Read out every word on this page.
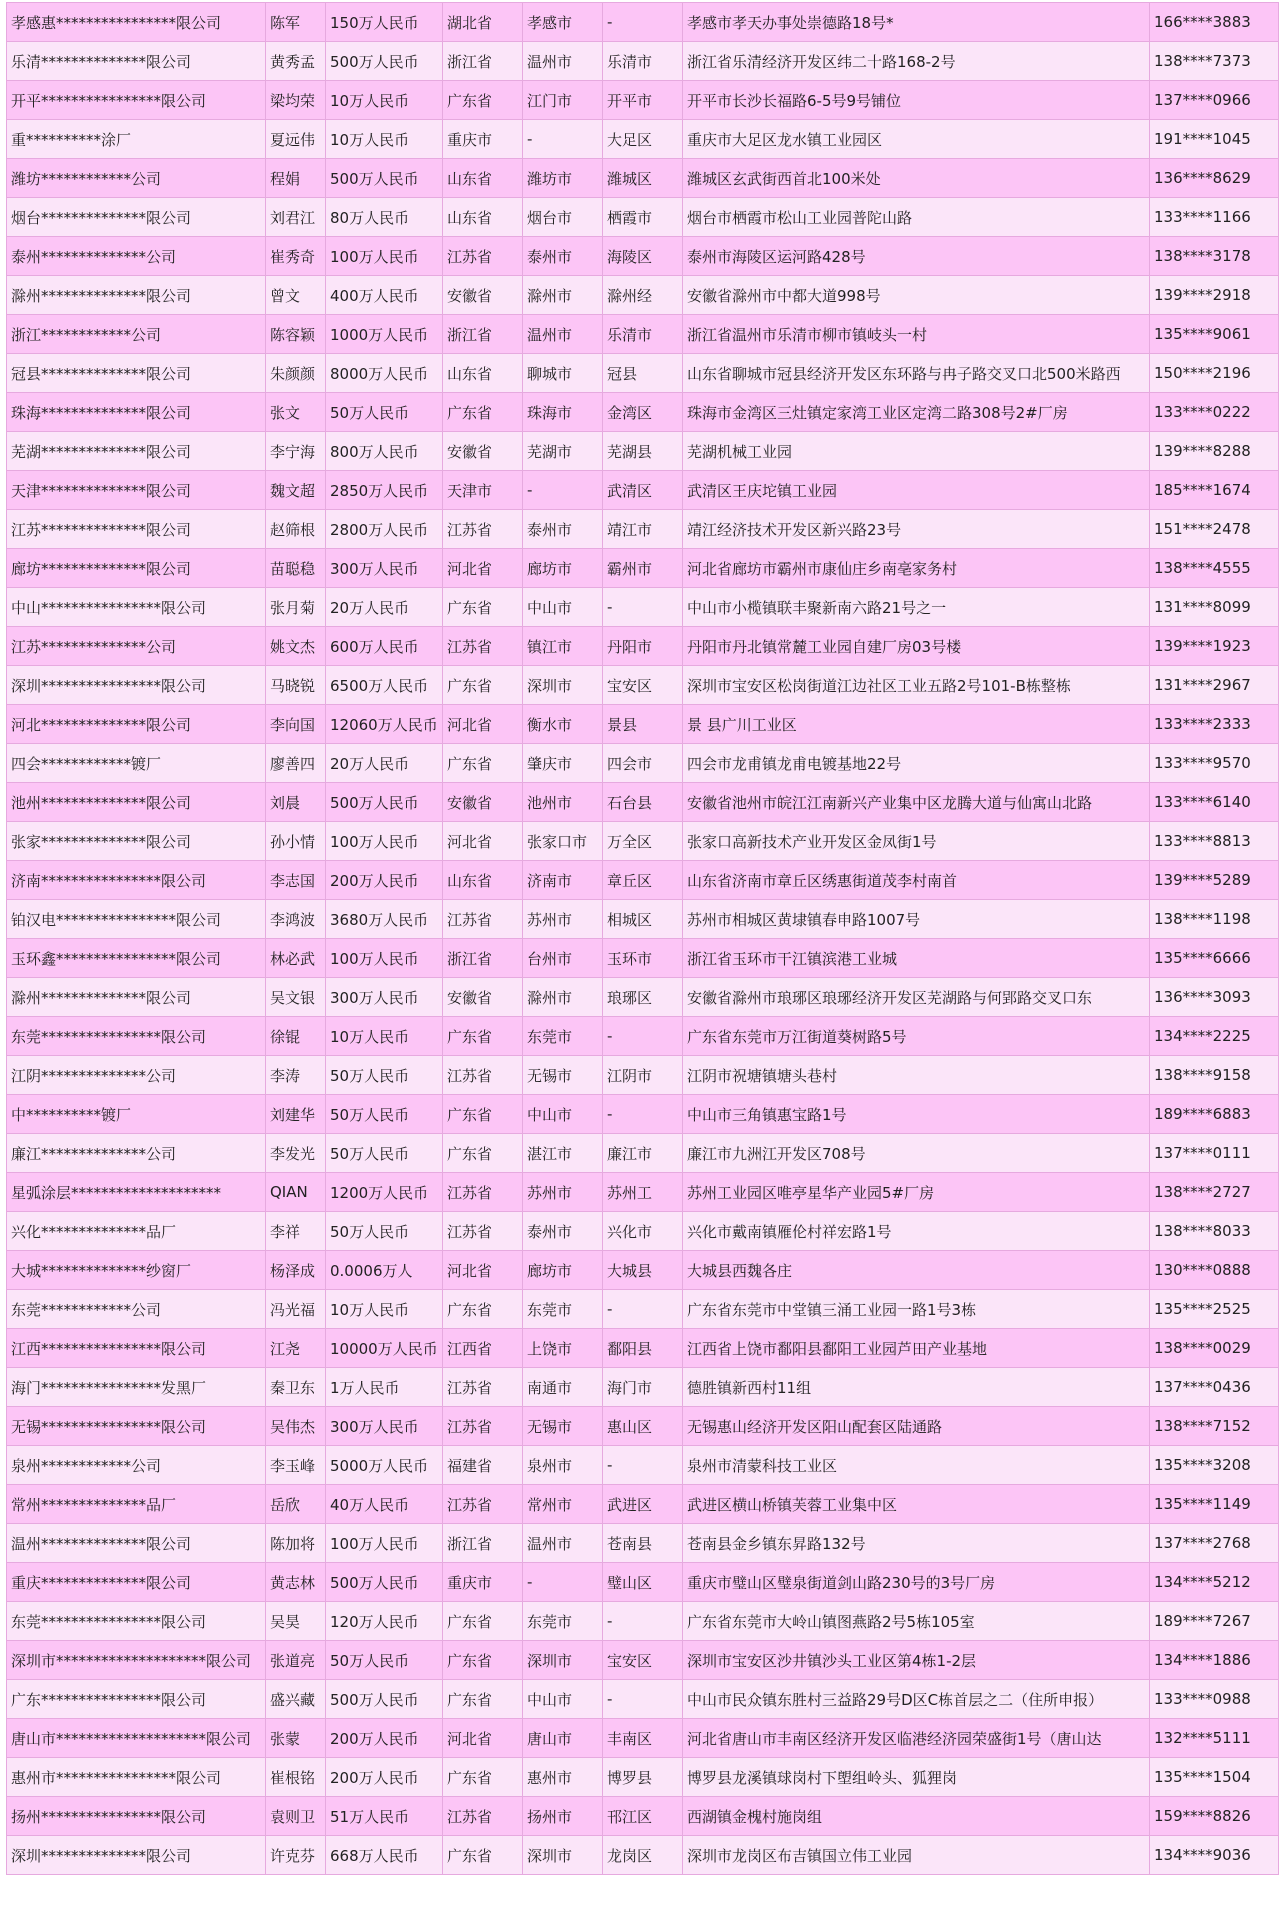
孝感惠****************限公司	陈军	150万人民币	湖北省	孝感市	-	孝感市孝天办事处崇德路18号*	166****3883
乐清**************限公司	黄秀孟	500万人民币	浙江省	温州市	乐清市	浙江省乐清经济开发区纬二十路168-2号	138****7373
开平****************限公司	梁均荣	10万人民币	广东省	江门市	开平市	开平市长沙长福路6-5号9号铺位	137****0966
重**********涂厂	夏远伟	10万人民币	重庆市	-	大足区	重庆市大足区龙水镇工业园区	191****1045
潍坊************公司	程娟	500万人民币	山东省	潍坊市	潍城区	潍城区玄武街西首北100米处	136****8629
烟台**************限公司	刘君江	80万人民币	山东省	烟台市	栖霞市	烟台市栖霞市松山工业园普陀山路	133****1166
泰州**************公司	崔秀奇	100万人民币	江苏省	泰州市	海陵区	泰州市海陵区运河路428号	138****3178
滁州**************限公司	曾文	400万人民币	安徽省	滁州市	滁州经	安徽省滁州市中都大道998号	139****2918
浙江************公司	陈容颖	1000万人民币	浙江省	温州市	乐清市	浙江省温州市乐清市柳市镇岐头一村	135****9061
冠县**************限公司	朱颜颜	8000万人民币	山东省	聊城市	冠县	山东省聊城市冠县经济开发区东环路与冉子路交叉口北500米路西	150****2196
珠海**************限公司	张文	50万人民币	广东省	珠海市	金湾区	珠海市金湾区三灶镇定家湾工业区定湾二路308号2#厂房	133****0222
芜湖**************限公司	李宁海	800万人民币	安徽省	芜湖市	芜湖县	芜湖机械工业园	139****8288
天津**************限公司	魏文超	2850万人民币	天津市	-	武清区	武清区王庆坨镇工业园	185****1674
江苏**************限公司	赵筛根	2800万人民币	江苏省	泰州市	靖江市	靖江经济技术开发区新兴路23号	151****2478
廊坊**************限公司	苗聪稳	300万人民币	河北省	廊坊市	霸州市	河北省廊坊市霸州市康仙庄乡南亳家务村	138****4555
中山****************限公司	张月菊	20万人民币	广东省	中山市	-	中山市小榄镇联丰聚新南六路21号之一	131****8099
江苏**************公司	姚文杰	600万人民币	江苏省	镇江市	丹阳市	丹阳市丹北镇常麓工业园自建厂房03号楼	139****1923
深圳****************限公司	马晓锐	6500万人民币	广东省	深圳市	宝安区	深圳市宝安区松岗街道江边社区工业五路2号101-B栋整栋	131****2967
河北**************限公司	李向国	12060万人民币	河北省	衡水市	景县	景 县广川工业区	133****2333
四会************镀厂	廖善四	20万人民币	广东省	肇庆市	四会市	四会市龙甫镇龙甫电镀基地22号	133****9570
池州**************限公司	刘晨	500万人民币	安徽省	池州市	石台县	安徽省池州市皖江江南新兴产业集中区龙腾大道与仙寓山北路	133****6140
张家**************限公司	孙小情	100万人民币	河北省	张家口市	万全区	张家口高新技术产业开发区金凤街1号	133****8813
济南****************限公司	李志国	200万人民币	山东省	济南市	章丘区	山东省济南市章丘区绣惠街道茂李村南首	139****5289
铂汉电****************限公司	李鸿波	3680万人民币	江苏省	苏州市	相城区	苏州市相城区黄埭镇春申路1007号	138****1198
玉环鑫****************限公司	林必武	100万人民币	浙江省	台州市	玉环市	浙江省玉环市干江镇滨港工业城	135****6666
滁州**************限公司	吴文银	300万人民币	安徽省	滁州市	琅琊区	安徽省滁州市琅琊区琅琊经济开发区芜湖路与何郢路交叉口东	136****3093
东莞****************限公司	徐锟	10万人民币	广东省	东莞市	-	广东省东莞市万江街道葵树路5号	134****2225
江阴**************公司	李涛	50万人民币	江苏省	无锡市	江阴市	江阴市祝塘镇塘头巷村	138****9158
中**********镀厂	刘建华	50万人民币	广东省	中山市	-	中山市三角镇惠宝路1号	189****6883
廉江**************公司	李发光	50万人民币	广东省	湛江市	廉江市	廉江市九洲江开发区708号	137****0111
星弧涂层********************	QIAN	1200万人民币	江苏省	苏州市	苏州工	苏州工业园区唯亭星华产业园5#厂房	138****2727
兴化**************品厂	李祥	50万人民币	江苏省	泰州市	兴化市	兴化市戴南镇雁伦村祥宏路1号	138****8033
大城**************纱窗厂	杨泽成	0.0006万人	河北省	廊坊市	大城县	大城县西魏各庄	130****0888
东莞************公司	冯光福	10万人民币	广东省	东莞市	-	广东省东莞市中堂镇三涌工业园一路1号3栋	135****2525
江西****************限公司	江尧	10000万人民币	江西省	上饶市	鄱阳县	江西省上饶市鄱阳县鄱阳工业园芦田产业基地	138****0029
海门****************发黑厂	秦卫东	1万人民币	江苏省	南通市	海门市	德胜镇新西村11组	137****0436
无锡****************限公司	吴伟杰	300万人民币	江苏省	无锡市	惠山区	无锡惠山经济开发区阳山配套区陆通路	138****7152
泉州************公司	李玉峰	5000万人民币	福建省	泉州市	-	泉州市清蒙科技工业区	135****3208
常州**************品厂	岳欣	40万人民币	江苏省	常州市	武进区	武进区横山桥镇芙蓉工业集中区	135****1149
温州**************限公司	陈加将	100万人民币	浙江省	温州市	苍南县	苍南县金乡镇东昇路132号	137****2768
重庆**************限公司	黄志林	500万人民币	重庆市	-	璧山区	重庆市璧山区璧泉街道剑山路230号的3号厂房	134****5212
东莞****************限公司	吴昊	120万人民币	广东省	东莞市	-	广东省东莞市大岭山镇图燕路2号5栋105室	189****7267
深圳市********************限公司	张道亮	50万人民币	广东省	深圳市	宝安区	深圳市宝安区沙井镇沙头工业区第4栋1-2层	134****1886
广东****************限公司	盛兴藏	500万人民币	广东省	中山市	-	中山市民众镇东胜村三益路29号D区C栋首层之二（住所申报）	133****0988
唐山市********************限公司	张蒙	200万人民币	河北省	唐山市	丰南区	河北省唐山市丰南区经济开发区临港经济园荣盛街1号（唐山达	132****5111
惠州市****************限公司	崔根铭	200万人民币	广东省	惠州市	博罗县	博罗县龙溪镇球岗村下塱组岭头、狐狸岗	135****1504
扬州****************限公司	袁则卫	51万人民币	江苏省	扬州市	邗江区	西湖镇金槐村施岗组	159****8826
深圳**************限公司	许克芬	668万人民币	广东省	深圳市	龙岗区	深圳市龙岗区布吉镇国立伟工业园	134****9036
